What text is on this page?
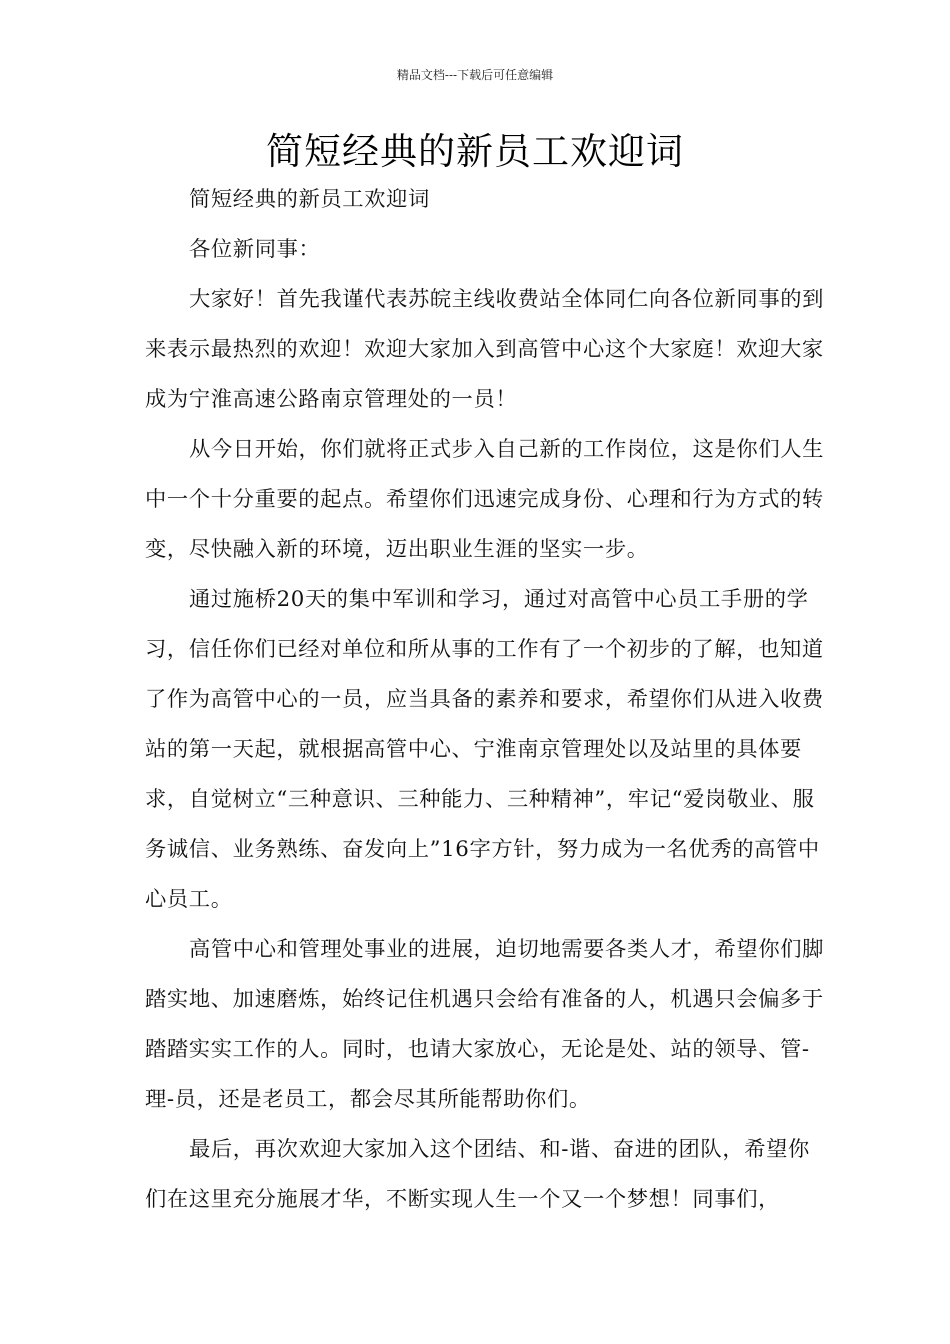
精品文档---下载后可任意编辑
简短经典的新员工欢迎词

简短经典的新员工欢迎词

各位新同事：

大家好！首先我谨代表苏皖主线收费站全体同仁向各位新同事的到来表示最热烈的欢迎！欢迎大家加入到高管中心这个大家庭！欢迎大家成为宁淮高速公路南京管理处的一员！

从今日开始，你们就将正式步入自己新的工作岗位，这是你们人生中一个十分重要的起点。希望你们迅速完成身份、心理和行为方式的转变，尽快融入新的环境，迈出职业生涯的坚实一步。

通过施桥20天的集中军训和学习，通过对高管中心员工手册的学习，信任你们已经对单位和所从事的工作有了一个初步的了解，也知道了作为高管中心的一员，应当具备的素养和要求，希望你们从进入收费站的第一天起，就根据高管中心、宁淮南京管理处以及站里的具体要求，自觉树立“三种意识、三种能力、三种精神”，牢记“爱岗敬业、服务诚信、业务熟练、奋发向上”16字方针，努力成为一名优秀的高管中心员工。

高管中心和管理处事业的进展，迫切地需要各类人才，希望你们脚踏实地、加速磨炼，始终记住机遇只会给有准备的人，机遇只会偏多于踏踏实实工作的人。同时，也请大家放心，无论是处、站的领导、管-理-员，还是老员工，都会尽其所能帮助你们。

最后，再次欢迎大家加入这个团结、和-谐、奋进的团队，希望你们在这里充分施展才华，不断实现人生一个又一个梦想！同事们，
